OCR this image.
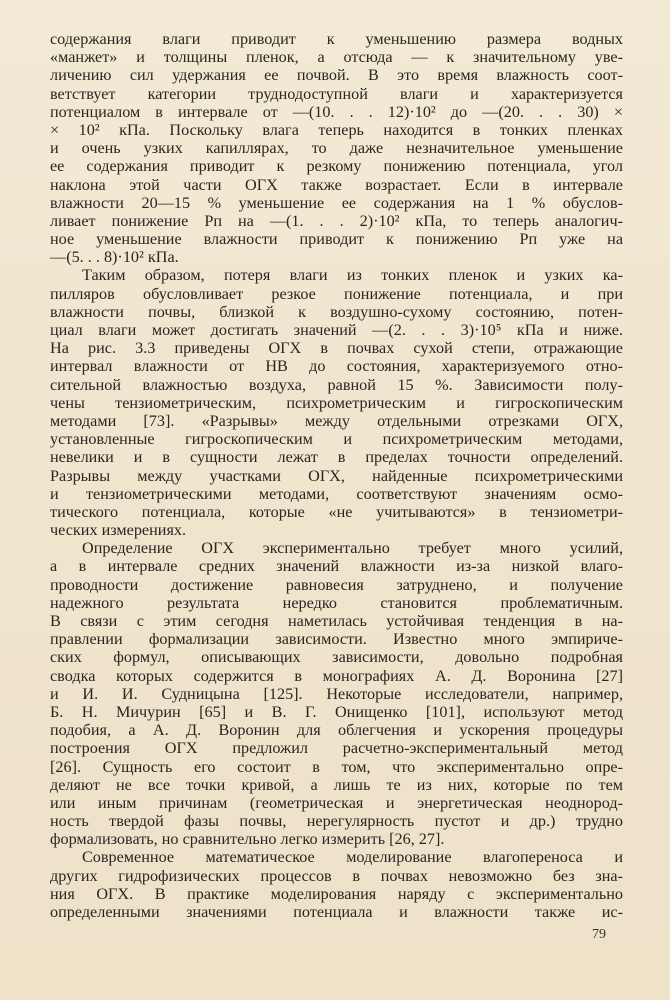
содержания влаги приводит к уменьшению размера водных
«манжет» и толщины пленок, а отсюда — к значительному уве-
личению сил удержания ее почвой. В это время влажность соот-
ветствует категории труднодоступной влаги и характеризуется
потенциалом в интервале от —(10. . . 12)·10² до —(20. . . 30) ×
× 10² кПа. Поскольку влага теперь находится в тонких пленках
и очень узких капиллярах, то даже незначительное уменьшение
ее содержания приводит к резкому понижению потенциала, угол
наклона этой части ОГХ также возрастает. Если в интервале
влажности 20—15 % уменьшение ее содержания на 1 % обуслов-
ливает понижение Pп на —(1. . . 2)·10² кПа, то теперь аналогич-
ное уменьшение влажности приводит к понижению Pп уже на
—(5. . . 8)·10² кПа.
Таким образом, потеря влаги из тонких пленок и узких ка-
пилляров обусловливает резкое понижение потенциала, и при
влажности почвы, близкой к воздушно-сухому состоянию, потен-
циал влаги может достигать значений —(2. . . 3)·10⁵ кПа и ниже.
На рис. 3.3 приведены ОГХ в почвах сухой степи, отражающие
интервал влажности от НВ до состояния, характеризуемого отно-
сительной влажностью воздуха, равной 15 %. Зависимости полу-
чены тензиометрическим, психрометрическим и гигроскопическим
методами [73]. «Разрывы» между отдельными отрезками ОГХ,
установленные гигроскопическим и психрометрическим методами,
невелики и в сущности лежат в пределах точности определений.
Разрывы между участками ОГХ, найденные психрометрическими
и тензиометрическими методами, соответствуют значениям осмо-
тического потенциала, которые «не учитываются» в тензиометри-
ческих измерениях.
Определение ОГХ экспериментально требует много усилий,
а в интервале средних значений влажности из-за низкой влаго-
проводности достижение равновесия затруднено, и получение
надежного результата нередко становится проблематичным.
В связи с этим сегодня наметилась устойчивая тенденция в на-
правлении формализации зависимости. Известно много эмпириче-
ских формул, описывающих зависимости, довольно подробная
сводка которых содержится в монографиях А. Д. Воронина [27]
и И. И. Судницына [125]. Некоторые исследователи, например,
Б. Н. Мичурин [65] и В. Г. Онищенко [101], используют метод
подобия, а А. Д. Воронин для облегчения и ускорения процедуры
построения ОГХ предложил расчетно-экспериментальный метод
[26]. Сущность его состоит в том, что экспериментально опре-
деляют не все точки кривой, а лишь те из них, которые по тем
или иным причинам (геометрическая и энергетическая неоднород-
ность твердой фазы почвы, нерегулярность пустот и др.) трудно
формализовать, но сравнительно легко измерить [26, 27].
Современное математическое моделирование влагопереноса и
других гидрофизических процессов в почвах невозможно без зна-
ния ОГХ. В практике моделирования наряду с экспериментально
определенными значениями потенциала и влажности также ис-
79
